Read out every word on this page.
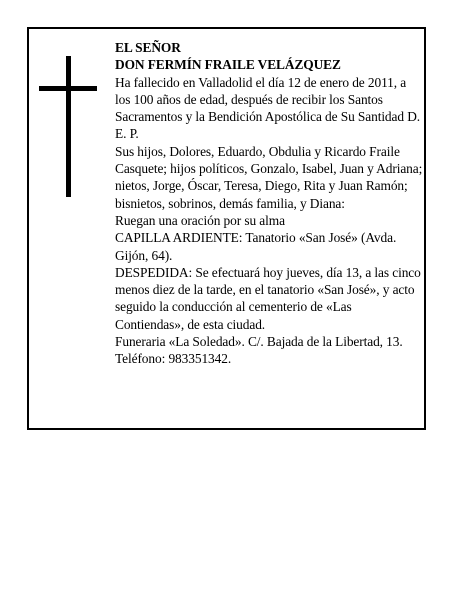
EL SEÑOR

DON FERMÍN FRAILE VELÁZQUEZ

Ha fallecido en Valladolid el día 12 de enero de 2011, a los 100 años de edad, después de recibir los Santos Sacramentos y la Bendición Apostólica de Su Santidad D. E. P.

Sus hijos, Dolores, Eduardo, Obdulia y Ricardo Fraile Casquete; hijos políticos, Gonzalo, Isabel, Juan y Adriana; nietos, Jorge, Óscar, Teresa, Diego, Rita y Juan Ramón; bisnietos, sobrinos, demás familia, y Diana:

Ruegan una oración por su alma

CAPILLA ARDIENTE: Tanatorio «San José» (Avda. Gijón, 64).

DESPEDIDA: Se efectuará hoy jueves, día 13, a las cinco menos diez de la tarde, en el tanatorio «San José», y acto seguido la conducción al cementerio de «Las Contiendas», de esta ciudad.

Funeraria «La Soledad». C/. Bajada de la Libertad, 13. Teléfono: 983351342.
